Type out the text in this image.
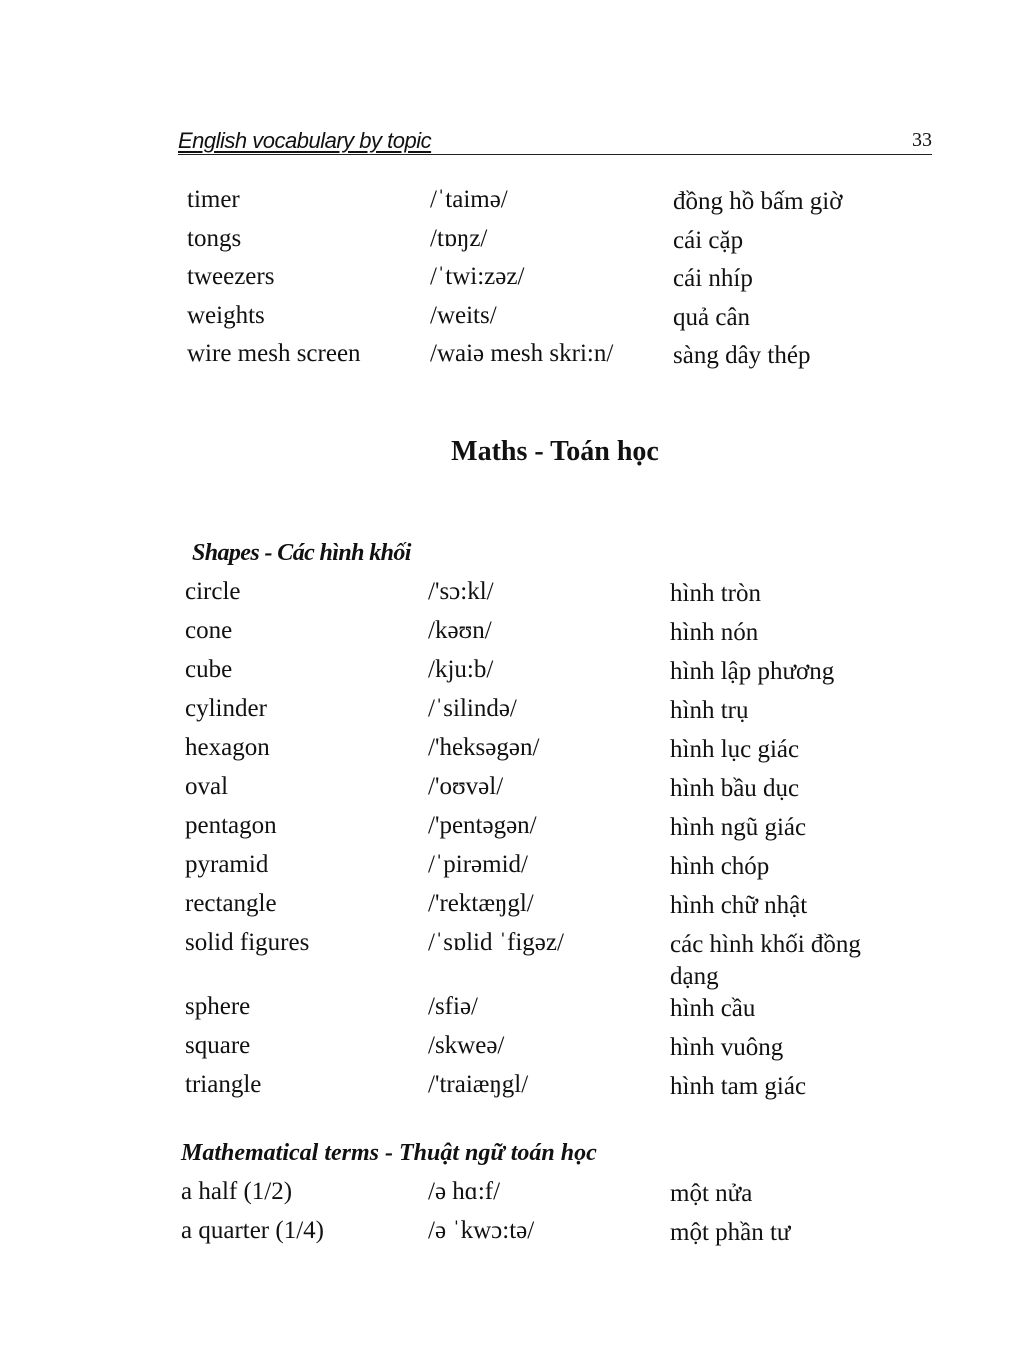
English vocabulary by topic	33
timer	/ˈtaimə/	đồng hồ bấm giờ
tongs	/tɒŋz/	cái cặp
tweezers	/ˈtwi:zəz/	cái nhíp
weights	/weits/	quả cân
wire mesh screen	/waiə mesh skri:n/	sàng dây thép
Maths - Toán học
Shapes - Các hình khối
circle	/'sɔ:kl/	hình tròn
cone	/kəʊn/	hình nón
cube	/kju:b/	hình lập phương
cylinder	/ˈsilində/	hình trụ
hexagon	/'heksəgən/	hình lục giác
oval	/'oʊvəl/	hình bầu dục
pentagon	/'pentəgən/	hình ngũ giác
pyramid	/ˈpirəmid/	hình chóp
rectangle	/'rektæŋgl/	hình chữ nhật
solid figures	/ˈsɒlid ˈfigəz/	các hình khối đồng dạng
sphere	/sfiə/	hình cầu
square	/skweə/	hình vuông
triangle	/'traiæŋgl/	hình tam giác
Mathematical terms - Thuật ngữ toán học
a half (1/2)	/ə hɑ:f/	một nửa
a quarter (1/4)	/ə ˈkwɔ:tə/	một phần tư
